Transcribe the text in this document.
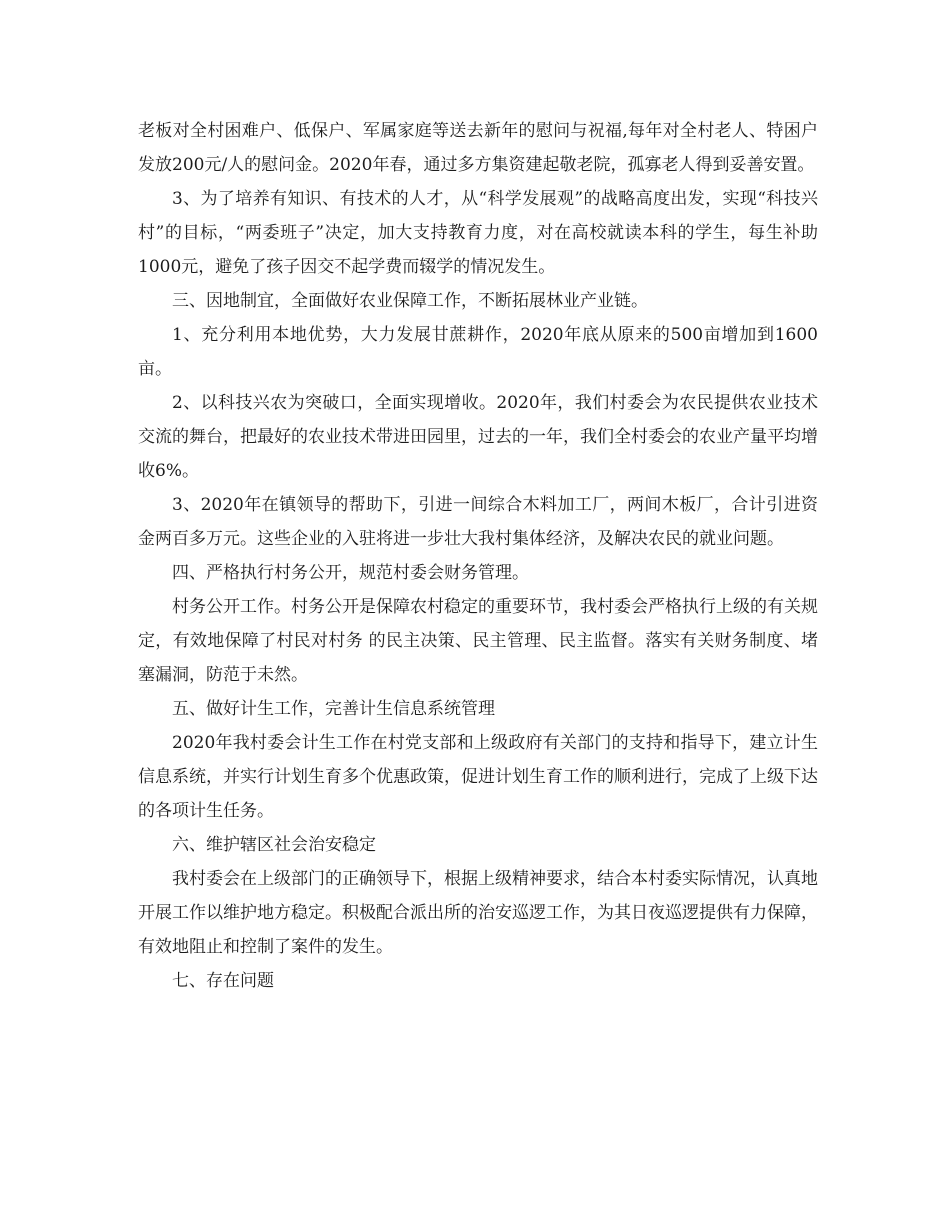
老板对全村困难户、低保户、军属家庭等送去新年的慰问与祝福,每年对全村老人、特困户发放200元/人的慰问金。2020年春，通过多方集资建起敬老院，孤寡老人得到妥善安置。

3、为了培养有知识、有技术的人才，从“科学发展观”的战略高度出发，实现“科技兴村”的目标，“两委班子”决定，加大支持教育力度，对在高校就读本科的学生，每生补助1000元，避免了孩子因交不起学费而辍学的情况发生。

三、因地制宜，全面做好农业保障工作，不断拓展林业产业链。

1、充分利用本地优势，大力发展甘蔗耕作，2020年底从原来的500亩增加到1600亩。

2、以科技兴农为突破口，全面实现增收。2020年，我们村委会为农民提供农业技术交流的舞台，把最好的农业技术带进田园里，过去的一年，我们全村委会的农业产量平均增收6%。

3、2020年在镇领导的帮助下，引进一间综合木料加工厂，两间木板厂，合计引进资金两百多万元。这些企业的入驻将进一步壮大我村集体经济，及解决农民的就业问题。

四、严格执行村务公开，规范村委会财务管理。

村务公开工作。村务公开是保障农村稳定的重要环节，我村委会严格执行上级的有关规定，有效地保障了村民对村务 的民主决策、民主管理、民主监督。落实有关财务制度、堵塞漏洞，防范于未然。

五、做好计生工作，完善计生信息系统管理

2020年我村委会计生工作在村党支部和上级政府有关部门的支持和指导下，建立计生信息系统，并实行计划生育多个优惠政策，促进计划生育工作的顺利进行，完成了上级下达的各项计生任务。

六、维护辖区社会治安稳定

我村委会在上级部门的正确领导下，根据上级精神要求，结合本村委实际情况，认真地开展工作以维护地方稳定。积极配合派出所的治安巡逻工作，为其日夜巡逻提供有力保障，有效地阻止和控制了案件的发生。

七、存在问题
